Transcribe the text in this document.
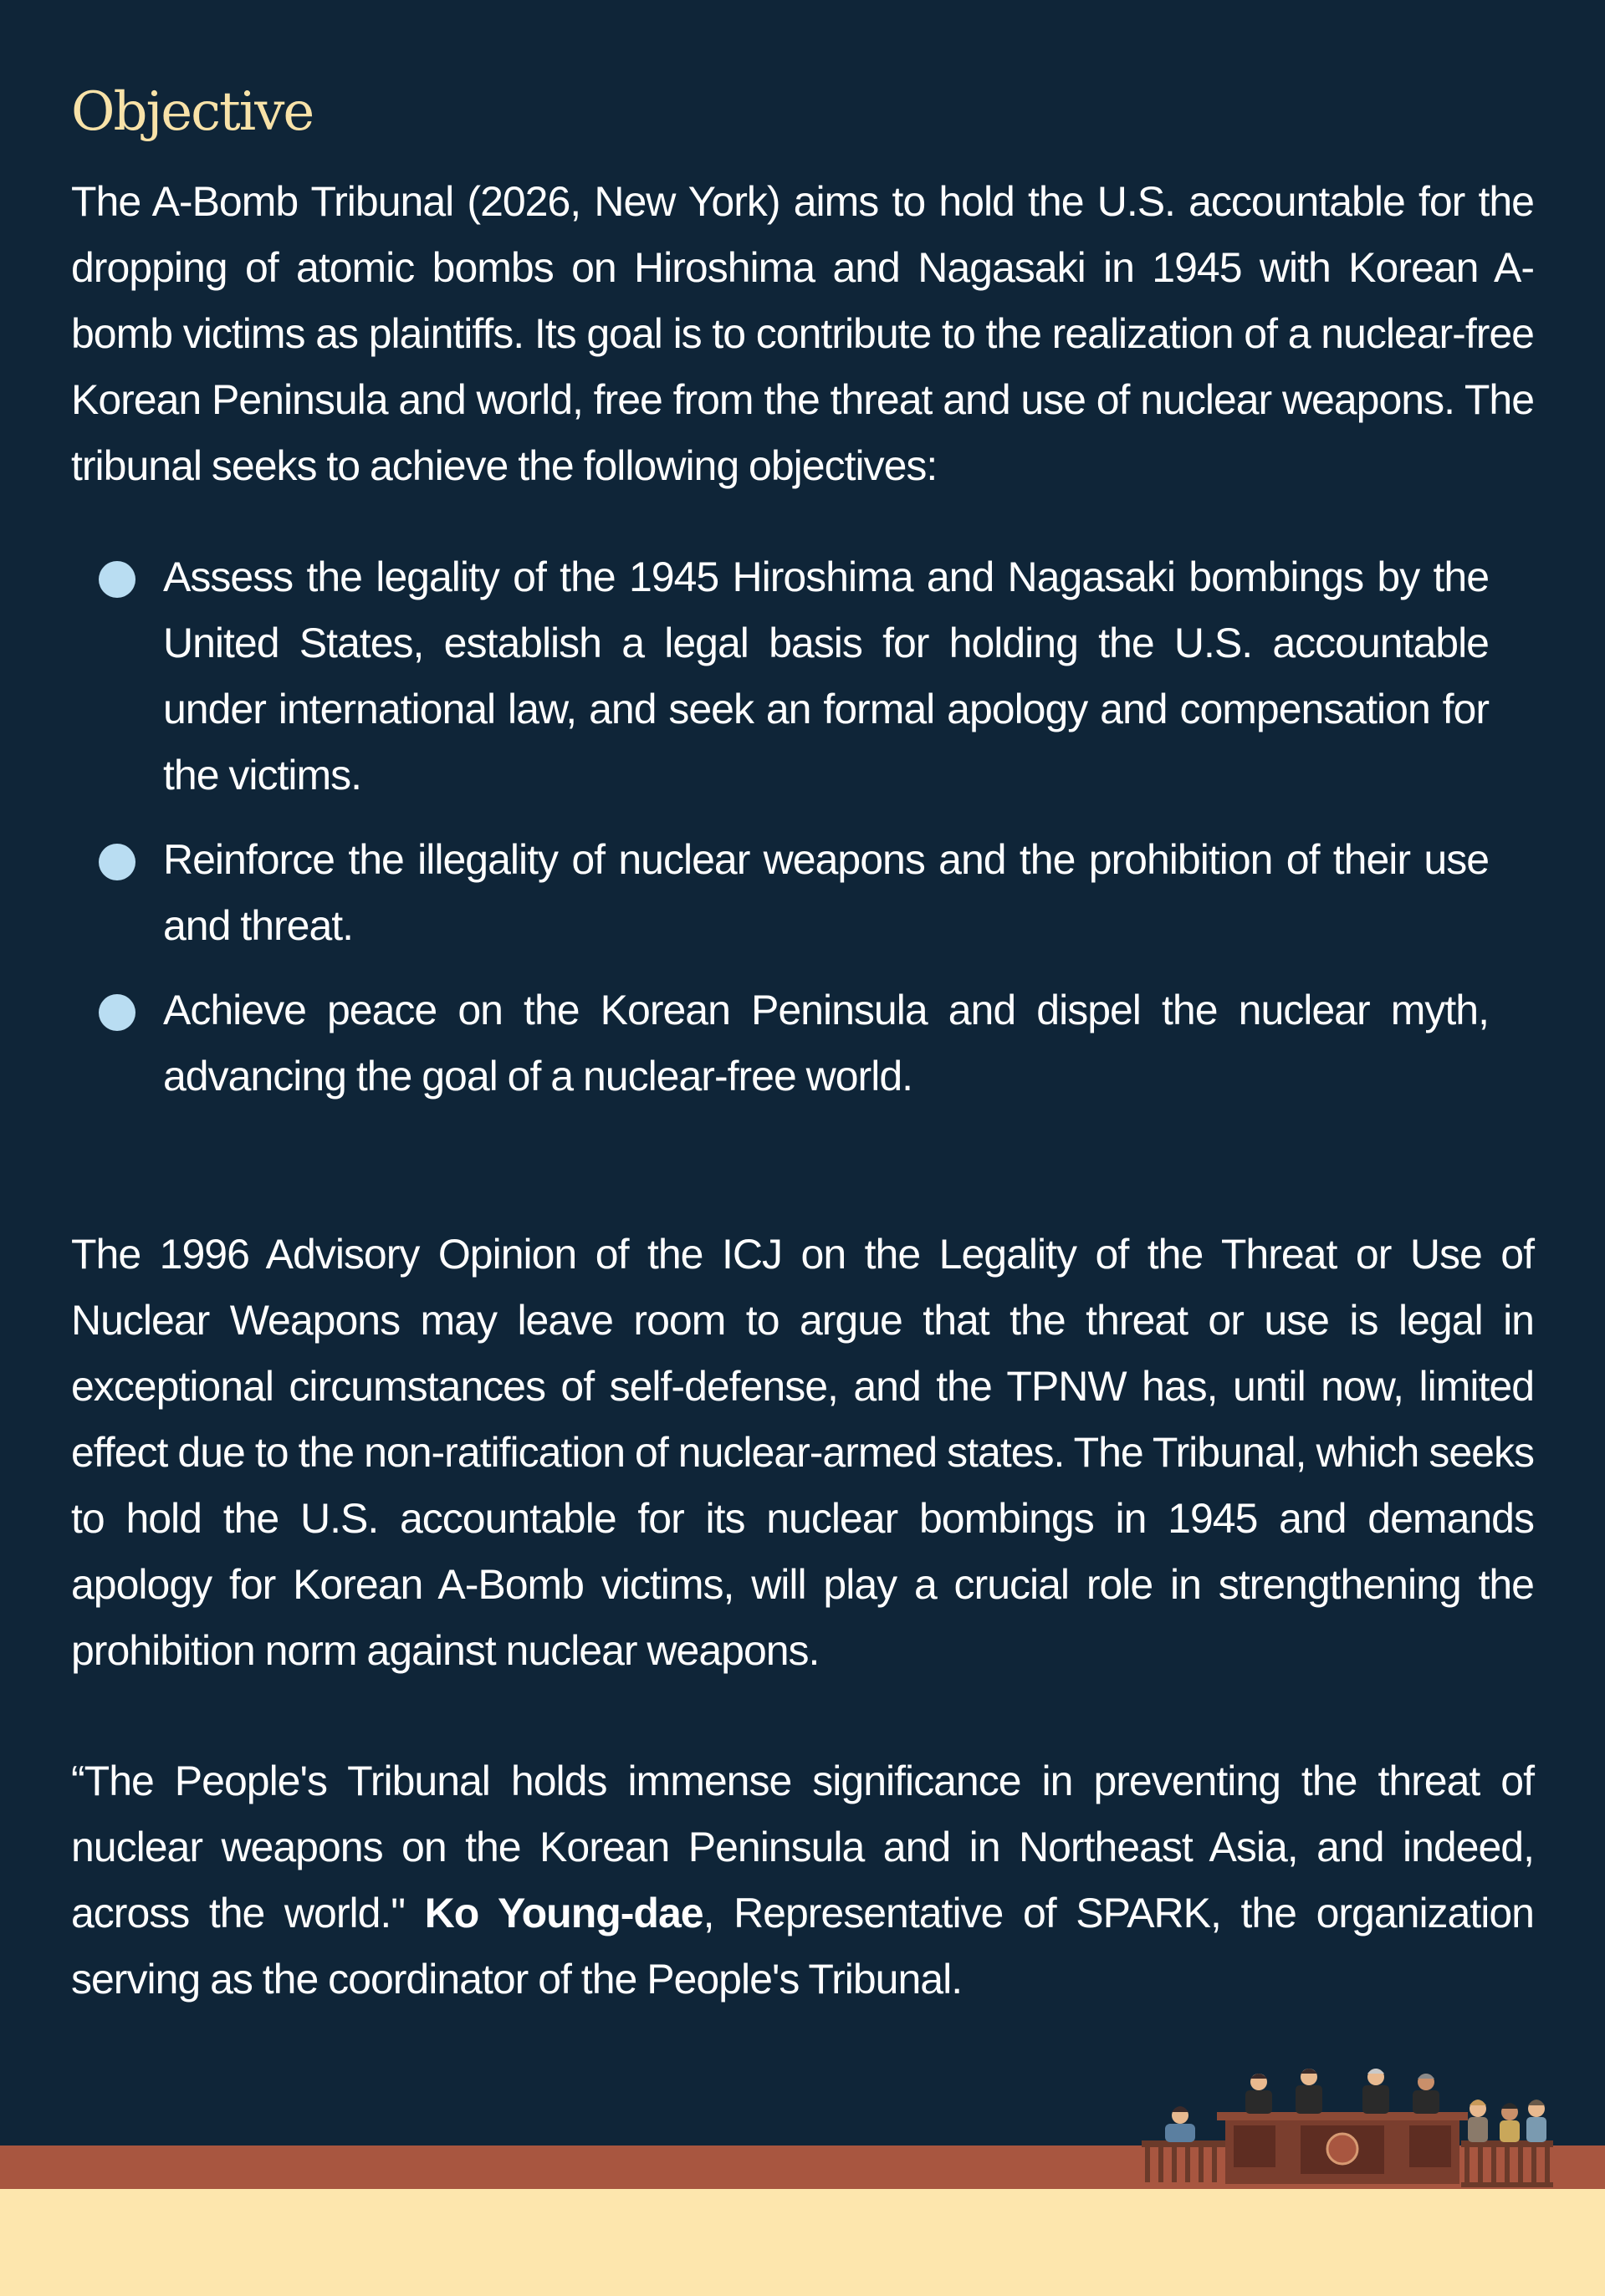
Objective

The A-Bomb Tribunal (2026, New York) aims to hold the U.S. accountable for the dropping of atomic bombs on Hiroshima and Nagasaki in 1945 with Korean A-bomb victims as plaintiffs. Its goal is to contribute to the realization of a nuclear-free Korean Peninsula and world, free from the threat and use of nuclear weapons. The tribunal seeks to achieve the following objectives:

Assess the legality of the 1945 Hiroshima and Nagasaki bombings by the United States, establish a legal basis for holding the U.S. accountable under international law, and seek an formal apology and compensation for the victims.
Reinforce the illegality of nuclear weapons and the prohibition of their use and threat.
Achieve peace on the Korean Peninsula and dispel the nuclear myth, advancing the goal of a nuclear-free world.

The 1996 Advisory Opinion of the ICJ on the Legality of the Threat or Use of Nuclear Weapons may leave room to argue that the threat or use is legal in exceptional circumstances of self-defense, and the TPNW has, until now, limited effect due to the non-ratification of nuclear-armed states. The Tribunal, which seeks to hold the U.S. accountable for its nuclear bombings in 1945 and demands apology for Korean A-Bomb victims, will play a crucial role in strengthening the prohibition norm against nuclear weapons.

“The People's Tribunal holds immense significance in preventing the threat of nuclear weapons on the Korean Peninsula and in Northeast Asia, and indeed, across the world." Ko Young-dae, Representative of SPARK, the organization serving as the coordinator of the People's Tribunal.
